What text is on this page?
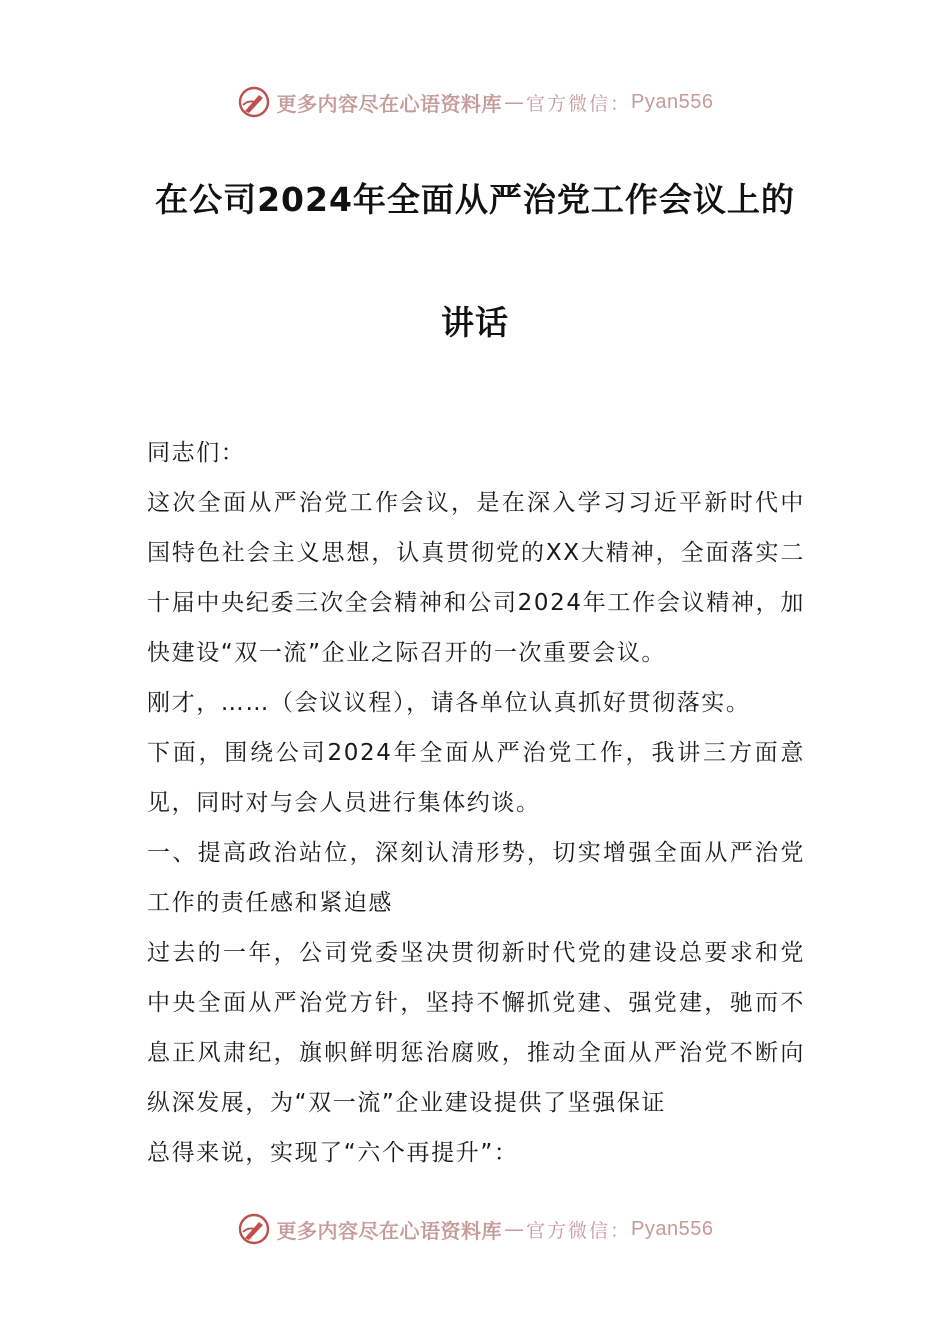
更多内容尽在心语资料库 — 官方微信： Pyan556
在公司2024年全面从严治党工作会议上的
讲话

同志们：

这次全面从严治党工作会议，是在深入学习习近平新时代中国特色社会主义思想，认真贯彻党的XX大精神，全面落实二十届中央纪委三次全会精神和公司2024年工作会议精神，加快建设“双一流”企业之际召开的一次重要会议。

刚才，……（会议议程），请各单位认真抓好贯彻落实。

下面，围绕公司2024年全面从严治党工作，我讲三方面意见，同时对与会人员进行集体约谈。

一、提高政治站位，深刻认清形势，切实增强全面从严治党工作的责任感和紧迫感

过去的一年，公司党委坚决贯彻新时代党的建设总要求和党中央全面从严治党方针，坚持不懈抓党建、强党建，驰而不息正风肃纪，旗帜鲜明惩治腐败，推动全面从严治党不断向纵深发展，为“双一流”企业建设提供了坚强保证

总得来说，实现了“六个再提升”：

更多内容尽在心语资料库 — 官方微信： Pyan556
